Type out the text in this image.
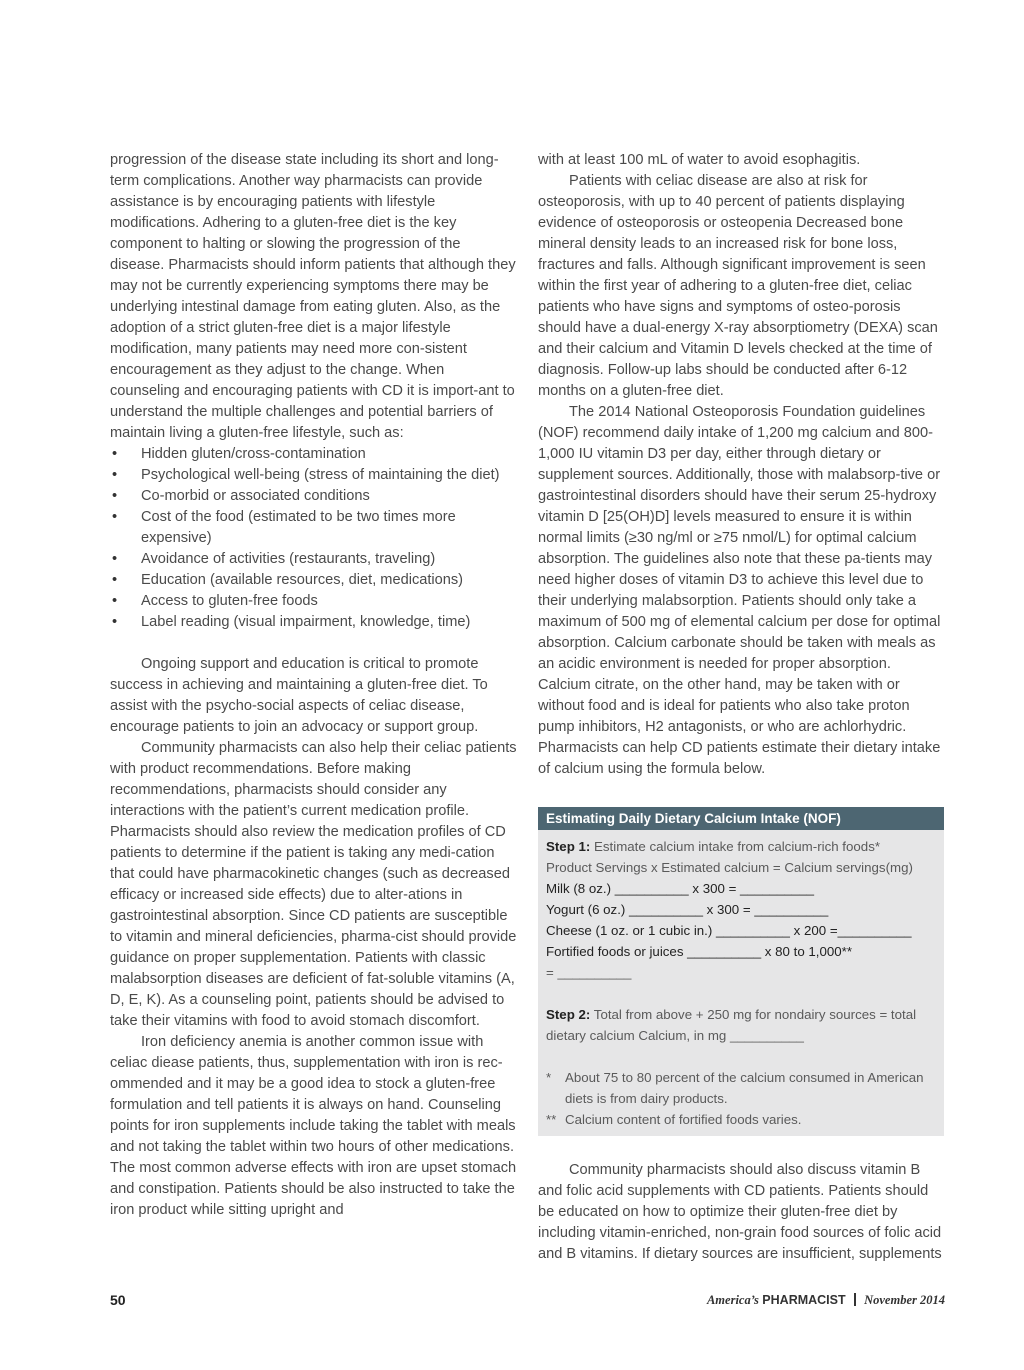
progression of the disease state including its short and long-term complications. Another way pharmacists can provide assistance is by encouraging patients with lifestyle modifications. Adhering to a gluten-free diet is the key component to halting or slowing the progression of the disease. Pharmacists should inform patients that although they may not be currently experiencing symptoms there may be underlying intestinal damage from eating gluten. Also, as the adoption of a strict gluten-free diet is a major lifestyle modification, many patients may need more con-sistent encouragement as they adjust to the change. When counseling and encouraging patients with CD it is import-ant to understand the multiple challenges and potential barriers of maintain living a gluten-free lifestyle, such as:

• Hidden gluten/cross-contamination
• Psychological well-being (stress of maintaining the diet)
• Co-morbid or associated conditions
• Cost of the food (estimated to be two times more expensive)
• Avoidance of activities (restaurants, traveling)
• Education (available resources, diet, medications)
• Access to gluten-free foods
• Label reading (visual impairment, knowledge, time)

Ongoing support and education is critical to promote success in achieving and maintaining a gluten-free diet. To assist with the psycho-social aspects of celiac disease, encourage patients to join an advocacy or support group.

Community pharmacists can also help their celiac patients with product recommendations. Before making recommendations, pharmacists should consider any interactions with the patient’s current medication profile. Pharmacists should also review the medication profiles of CD patients to determine if the patient is taking any medi-cation that could have pharmacokinetic changes (such as decreased efficacy or increased side effects) due to alter-ations in gastrointestinal absorption. Since CD patients are susceptible to vitamin and mineral deficiencies, pharma-cist should provide guidance on proper supplementation. Patients with classic malabsorption diseases are deficient of fat-soluble vitamins (A, D, E, K). As a counseling point, patients should be advised to take their vitamins with food to avoid stomach discomfort.

Iron deficiency anemia is another common issue with celiac diease patients, thus, supplementation with iron is rec-ommended and it may be a good idea to stock a gluten-free formulation and tell patients it is always on hand. Counseling points for iron supplements include taking the tablet with meals and not taking the tablet within two hours of other medications. The most common adverse effects with iron are upset stomach and constipation. Patients should be also instructed to take the iron product while sitting upright and

with at least 100 mL of water to avoid esophagitis.

Patients with celiac disease are also at risk for osteoporosis, with up to 40 percent of patients displaying evidence of osteoporosis or osteopenia Decreased bone mineral density leads to an increased risk for bone loss, fractures and falls. Although significant improvement is seen within the first year of adhering to a gluten-free diet, celiac patients who have signs and symptoms of osteo-porosis should have a dual-energy X-ray absorptiometry (DEXA) scan and their calcium and Vitamin D levels checked at the time of diagnosis. Follow-up labs should be conducted after 6-12 months on a gluten-free diet.

The 2014 National Osteoporosis Foundation guidelines (NOF) recommend daily intake of 1,200 mg calcium and 800-1,000 IU vitamin D3 per day, either through dietary or supplement sources. Additionally, those with malabsorp-tive or gastrointestinal disorders should have their serum 25-hydroxy vitamin D [25(OH)D] levels measured to ensure it is within normal limits (≥30 ng/ml or ≥75 nmol/L) for optimal calcium absorption. The guidelines also note that these pa-tients may need higher doses of vitamin D3 to achieve this level due to their underlying malabsorption. Patients should only take a maximum of 500 mg of elemental calcium per dose for optimal absorption. Calcium carbonate should be taken with meals as an acidic environment is needed for proper absorption. Calcium citrate, on the other hand, may be taken with or without food and is ideal for patients who also take proton pump inhibitors, H2 antagonists, or who are achlorhydric. Pharmacists can help CD patients estimate their dietary intake of calcium using the formula below.

Estimating Daily Dietary Calcium Intake (NOF)
Step 1: Estimate calcium intake from calcium-rich foods*
Product Servings x Estimated calcium = Calcium servings(mg)
Milk (8 oz.) __________ x 300 = __________
Yogurt (6 oz.) __________ x 300 = __________
Cheese (1 oz. or 1 cubic in.) __________ x 200 =__________
Fortified foods or juices __________ x 80 to 1,000**
= __________
Step 2: Total from above + 250 mg for nondairy sources = total dietary calcium Calcium, in mg __________
* About 75 to 80 percent of the calcium consumed in American diets is from dairy products.
** Calcium content of fortified foods varies.

Community pharmacists should also discuss vitamin B and folic acid supplements with CD patients. Patients should be educated on how to optimize their gluten-free diet by including vitamin-enriched, non-grain food sources of folic acid and B vitamins. If dietary sources are insufficient, supplements

50	America’s PHARMACIST November 2014
